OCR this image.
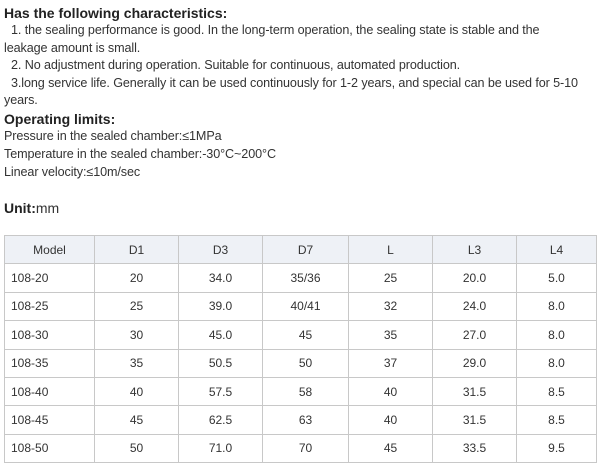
Has the following characteristics:

1. the sealing performance is good. In the long-term operation, the sealing state is stable and the

leakage amount is small.

2. No adjustment during operation. Suitable for continuous, automated production.

3.long service life. Generally it can be used continuously for 1-2 years, and special can be used for 5-10

years.

Operating limits:

Pressure in the sealed chamber:≤1MPa

Temperature in the sealed chamber:-30°C~200°C

Linear velocity:≤10m/sec

Unit:mm

Model	D1	D3	D7	L	L3	L4
108-20	20	34.0	35/36	25	20.0	5.0
108-25	25	39.0	40/41	32	24.0	8.0
108-30	30	45.0	45	35	27.0	8.0
108-35	35	50.5	50	37	29.0	8.0
108-40	40	57.5	58	40	31.5	8.5
108-45	45	62.5	63	40	31.5	8.5
108-50	50	71.0	70	45	33.5	9.5
